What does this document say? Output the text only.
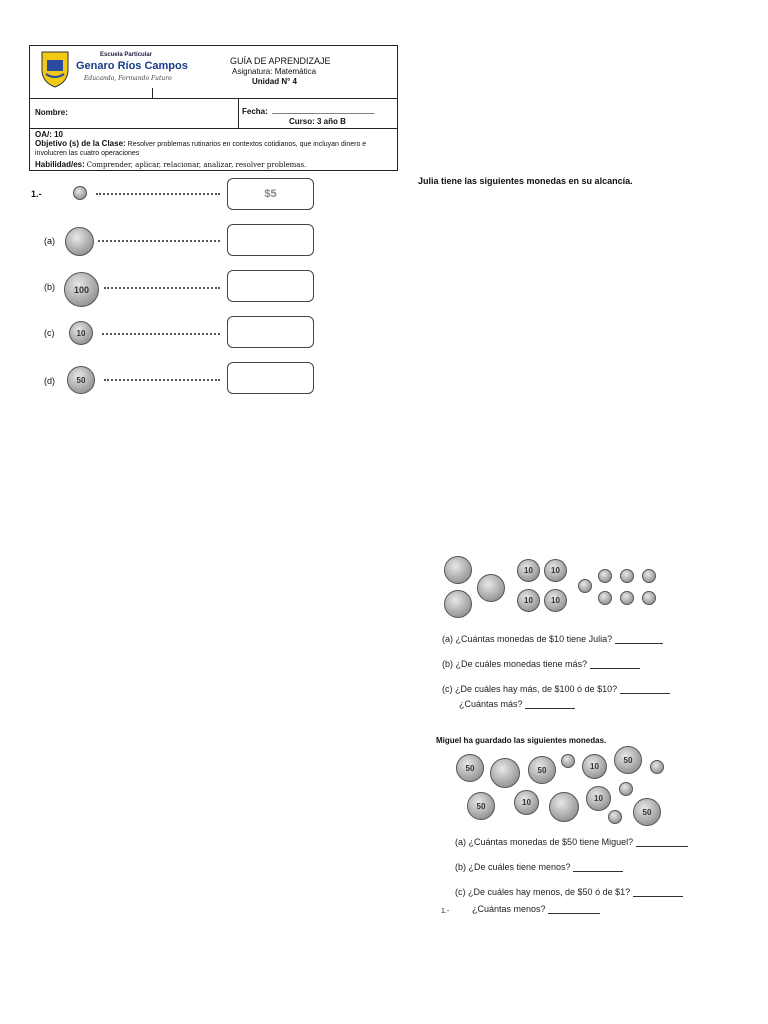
Escuela Particular
Genaro Ríos Campos
Educando, Formando Futuro
GUÍA DE APRENDIZAJE
Asignatura: Matemática
Unidad N° 4
Nombre:	Fecha: _______________________
Curso: 3 año B
OA/: 10
Objetivo (s) de la Clase: Resolver problemas rutinarios en contextos cotidianos, que incluyan dinero e involucren las cuatro operaciones
Habilidad/es: Comprender, aplicar, relacionar, analizar, resolver problemas.
1.-	$5
(a)
(b)	100
(c)	10
(d)	50
Julia tiene las siguientes monedas en su alcancía.
10	10
10	10
(a) ¿Cuántas monedas de $10 tiene Julia?
(b) ¿De cuáles monedas tiene más?
(c) ¿De cuáles hay más, de $100 ó de $10?
¿Cuántas más?
Miguel ha guardado las siguientes monedas.
50	50	10
50
50	10	10
50
(a) ¿Cuántas monedas de $50 tiene Miguel?
(b) ¿De cuáles tiene menos?
(c) ¿De cuáles hay menos, de $50 ó de $1?
1.-	¿Cuántas menos?
